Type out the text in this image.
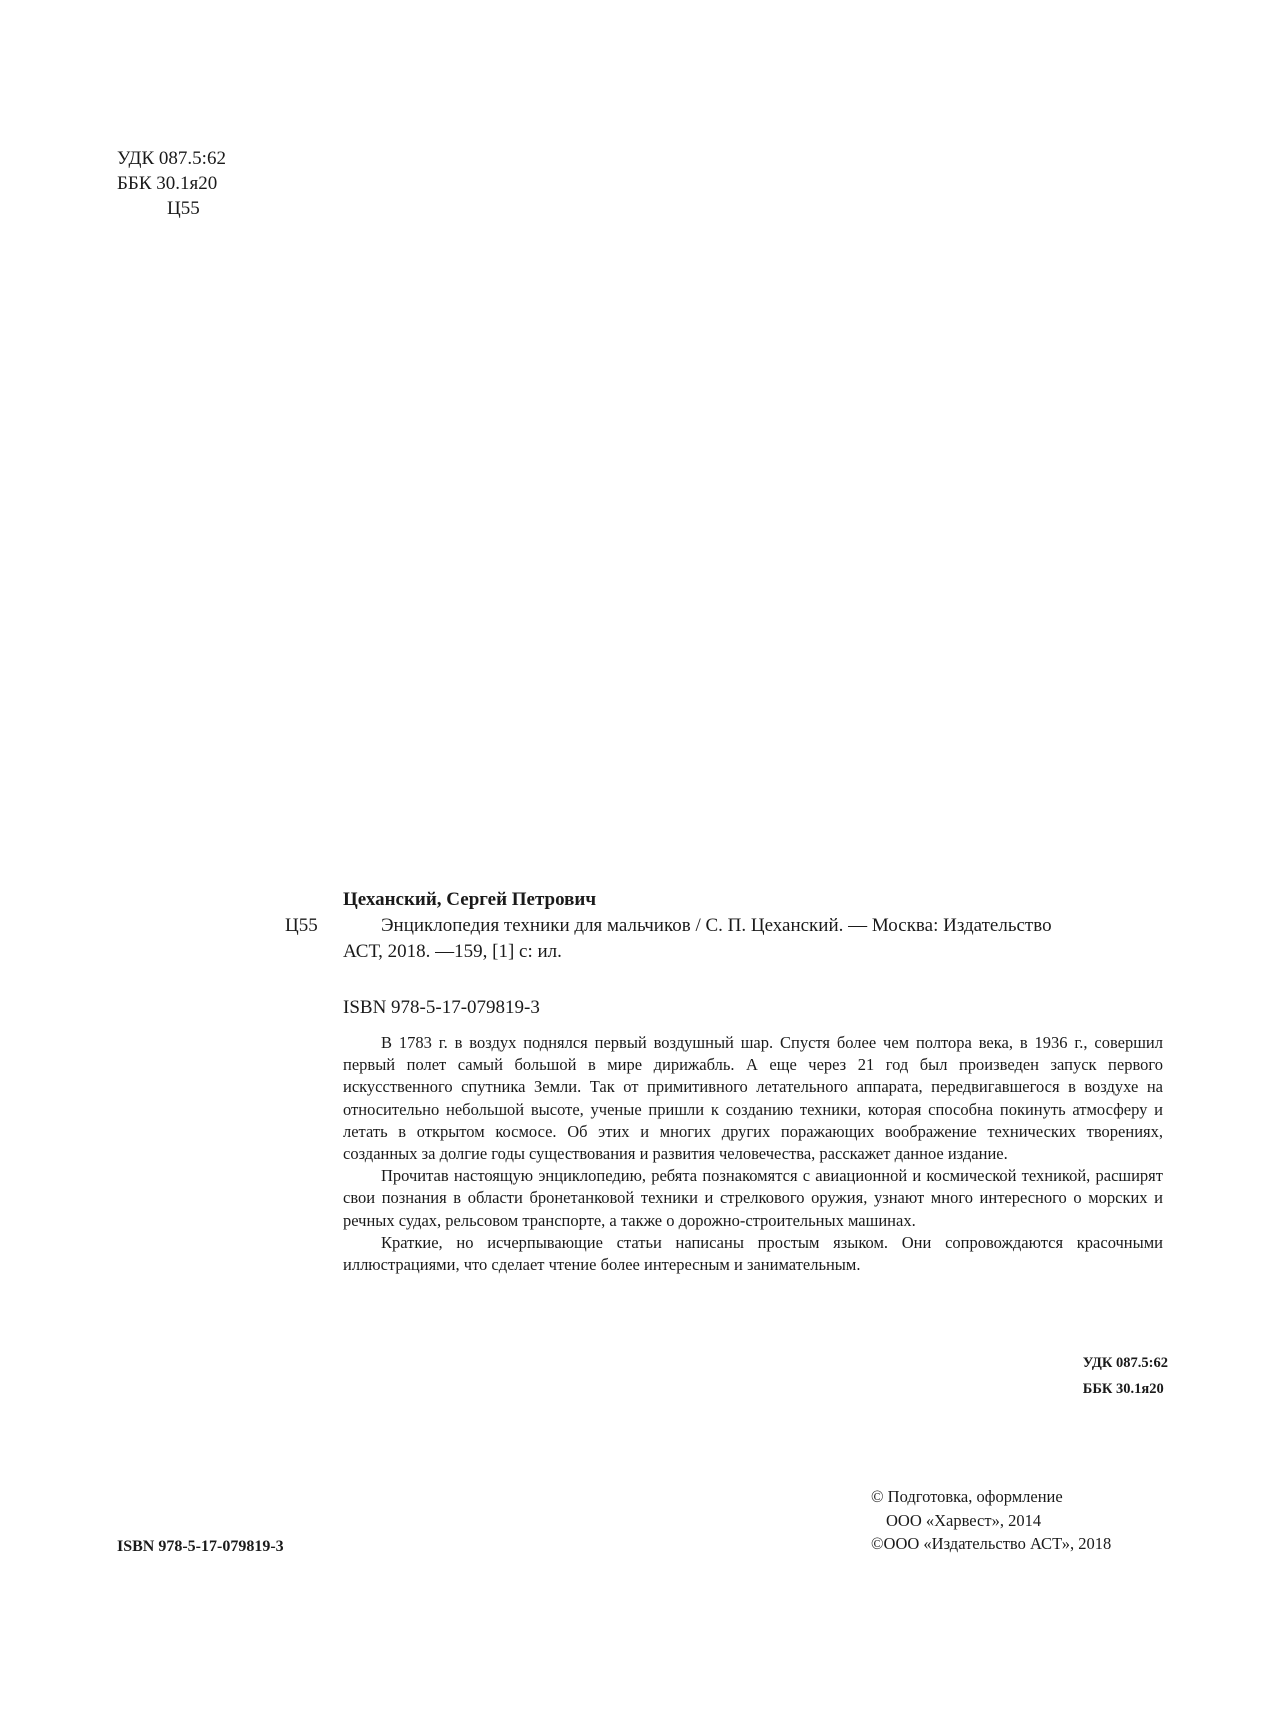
УДК 087.5:62
ББК 30.1я20
Ц55
Ц55

Цеханский, Сергей Петрович

Энциклопедия техники для мальчиков / С. П. Цеханский. — Москва: Издательство

АСТ, 2018. —159, [1] с: ил.

ISBN 978-5-17-079819-3

В 1783 г. в воздух поднялся первый воздушный шар. Спустя более чем полтора века, в 1936 г., совершил первый полет самый большой в мире дирижабль. А еще через 21 год был произведен запуск первого искусственного спутника Земли. Так от примитивного летательного аппарата, передвигавшегося в воздухе на относительно небольшой высоте, ученые пришли к созданию техники, которая способна покинуть атмосферу и летать в открытом космосе. Об этих и многих других поражающих воображение технических творениях, созданных за долгие годы существования и развития человечества, расскажет данное издание.

Прочитав настоящую энциклопедию, ребята познакомятся с авиационной и космической техникой, расширят свои познания в области бронетанковой техники и стрелкового оружия, узнают много интересного о морских и речных судах, рельсовом транспорте, а также о дорожно-строительных машинах.

Краткие, но исчерпывающие статьи написаны простым языком. Они сопровождаются красочными иллюстрациями, что сделает чтение более интересным и занимательным.

УДК 087.5:62
ББК 30.1я20
© Подготовка, оформление
ООО «Харвест», 2014
©ООО «Издательство АСТ», 2018
ISBN 978-5-17-079819-3
